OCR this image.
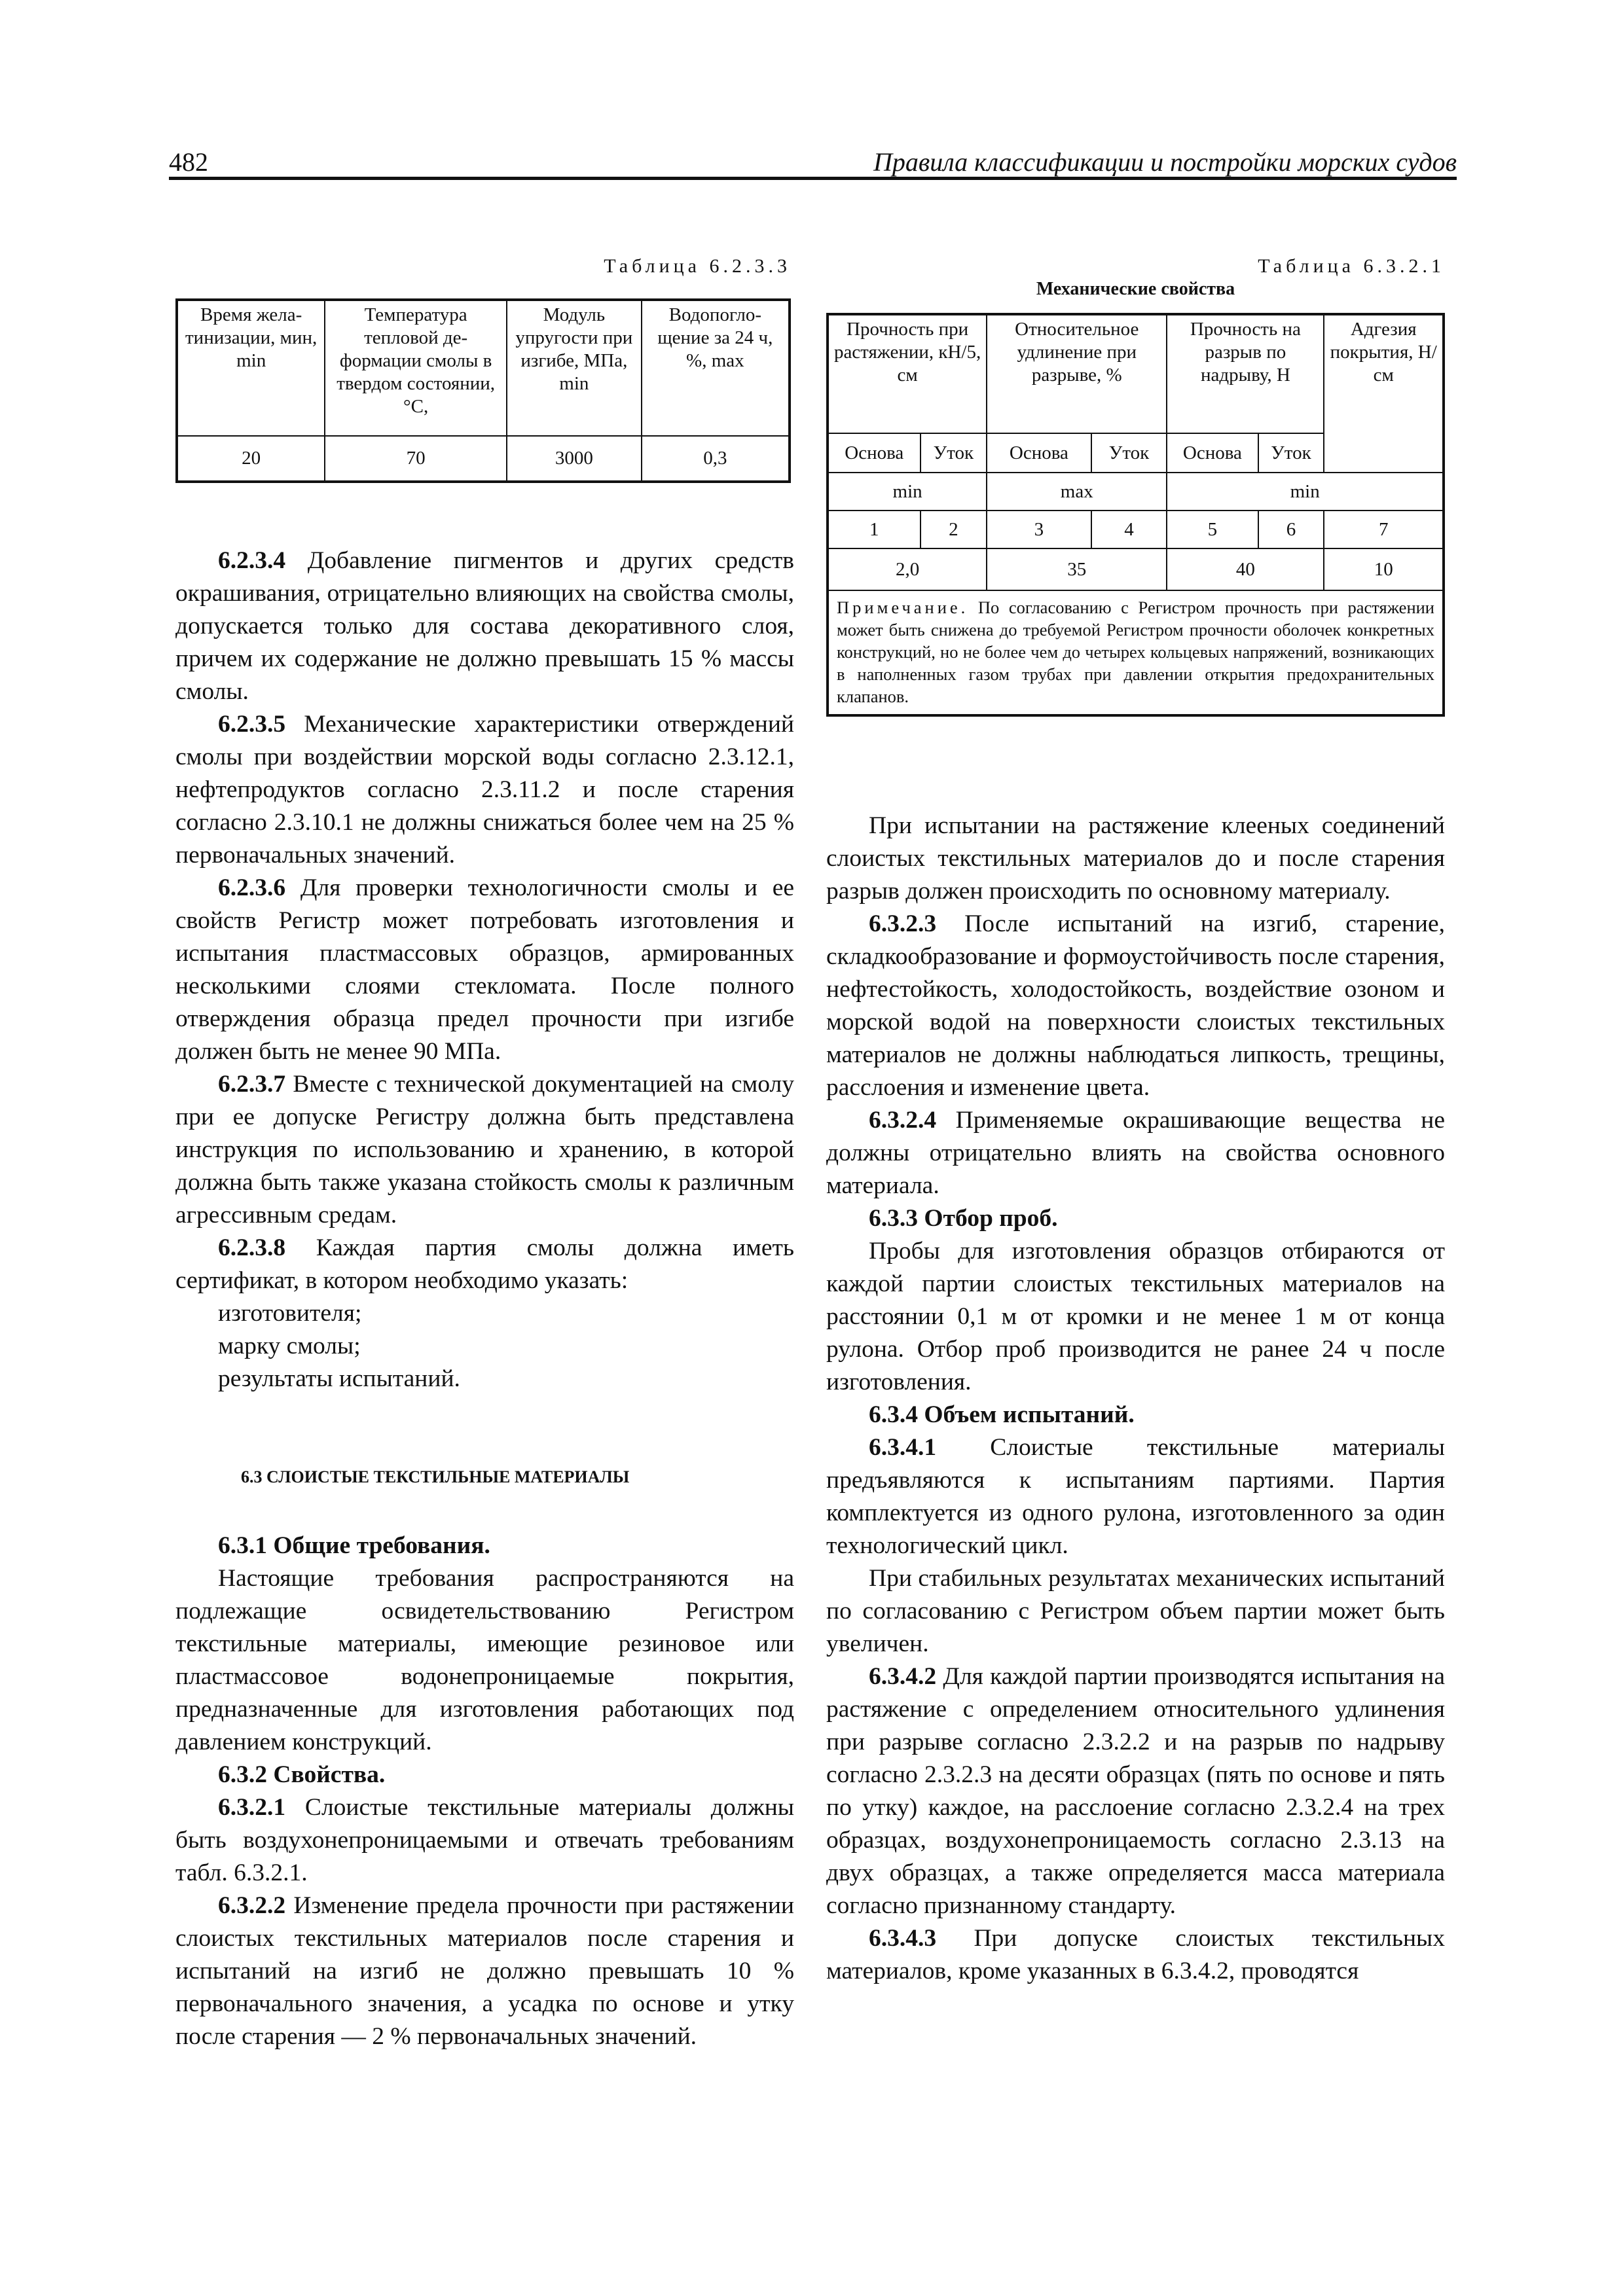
482	Правила классификации и постройки морских судов
Таблица 6.2.3.3
Время жела-тинизации, мин, min	Температура тепловой де-формации смолы в твердом состоянии, °С,	Модуль упругости при изгибе, МПа, min	Водопогло-щение за 24 ч, %, max
20	70	3000	0,3
Таблица 6.3.2.1
Механические свойства
Прочность при растяжении, кН/5, см		Относительное удлинение при разрыве, %		Прочность на разрыв по надрыву, Н		Адгезия покрытия, Н/см
Основа	Уток	Основа	Уток	Основа	Уток	
min		max		min		
1	2	3	4	5	6	7
2,0		35		40		10
Примечание. По согласованию с Регистром прочность при растяжении может быть снижена до требуемой Регистром прочности оболочек конкретных конструкций, но не более чем до четырех кольцевых напряжений, возникающих в наполненных газом трубах при давлении открытия предохранительных клапанов.						

6.2.3.4 Добавление пигментов и других средств окрашивания, отрицательно влияющих на свойства смолы, допускается только для состава декоративного слоя, причем их содержание не должно превышать 15 % массы смолы.

6.2.3.5 Механические характеристики отверждений смолы при воздействии морской воды согласно 2.3.12.1, нефтепродуктов согласно 2.3.11.2 и после старения согласно 2.3.10.1 не должны снижаться более чем на 25 % первоначальных значений.

6.2.3.6 Для проверки технологичности смолы и ее свойств Регистр может потребовать изготовления и испытания пластмассовых образцов, армированных несколькими слоями стекломата. После полного отверждения образца предел прочности при изгибе должен быть не менее 90 МПа.

6.2.3.7 Вместе с технической документацией на смолу при ее допуске Регистру должна быть представлена инструкция по использованию и хранению, в которой должна быть также указана стойкость смолы к различным агрессивным средам.

6.2.3.8 Каждая партия смолы должна иметь сертификат, в котором необходимо указать:

изготовителя;

марку смолы;

результаты испытаний.

6.3 СЛОИСТЫЕ ТЕКСТИЛЬНЫЕ МАТЕРИАЛЫ

6.3.1 Общие требования.

Настоящие требования распространяются на подлежащие освидетельствованию Регистром текстильные материалы, имеющие резиновое или пластмассовое водонепроницаемые покрытия, предназначенные для изготовления работающих под давлением конструкций.

6.3.2 Свойства.

6.3.2.1 Слоистые текстильные материалы должны быть воздухонепроницаемыми и отвечать требованиям табл. 6.3.2.1.

6.3.2.2 Изменение предела прочности при растяжении слоистых текстильных материалов после старения и испытаний на изгиб не должно превышать 10 % первоначального значения, а усадка по основе и утку после старения — 2 % первоначальных значений.

При испытании на растяжение клееных соединений слоистых текстильных материалов до и после старения разрыв должен происходить по основному материалу.

6.3.2.3 После испытаний на изгиб, старение, складкообразование и формоустойчивость после старения, нефтестойкость, холодостойкость, воздействие озоном и морской водой на поверхности слоистых текстильных материалов не должны наблюдаться липкость, трещины, расслоения и изменение цвета.

6.3.2.4 Применяемые окрашивающие вещества не должны отрицательно влиять на свойства основного материала.

6.3.3 Отбор проб.

Пробы для изготовления образцов отбираются от каждой партии слоистых текстильных материалов на расстоянии 0,1 м от кромки и не менее 1 м от конца рулона. Отбор проб производится не ранее 24 ч после изготовления.

6.3.4 Объем испытаний.

6.3.4.1 Слоистые текстильные материалы предъявляются к испытаниям партиями. Партия комплектуется из одного рулона, изготовленного за один технологический цикл.

При стабильных результатах механических испытаний по согласованию с Регистром объем партии может быть увеличен.

6.3.4.2 Для каждой партии производятся испытания на растяжение с определением относительного удлинения при разрыве согласно 2.3.2.2 и на разрыв по надрыву согласно 2.3.2.3 на десяти образцах (пять по основе и пять по утку) каждое, на расслоение согласно 2.3.2.4 на трех образцах, воздухонепроницаемость согласно 2.3.13 на двух образцах, а также определяется масса материала согласно признанному стандарту.

6.3.4.3 При допуске слоистых текстильных материалов, кроме указанных в 6.3.4.2, проводятся
